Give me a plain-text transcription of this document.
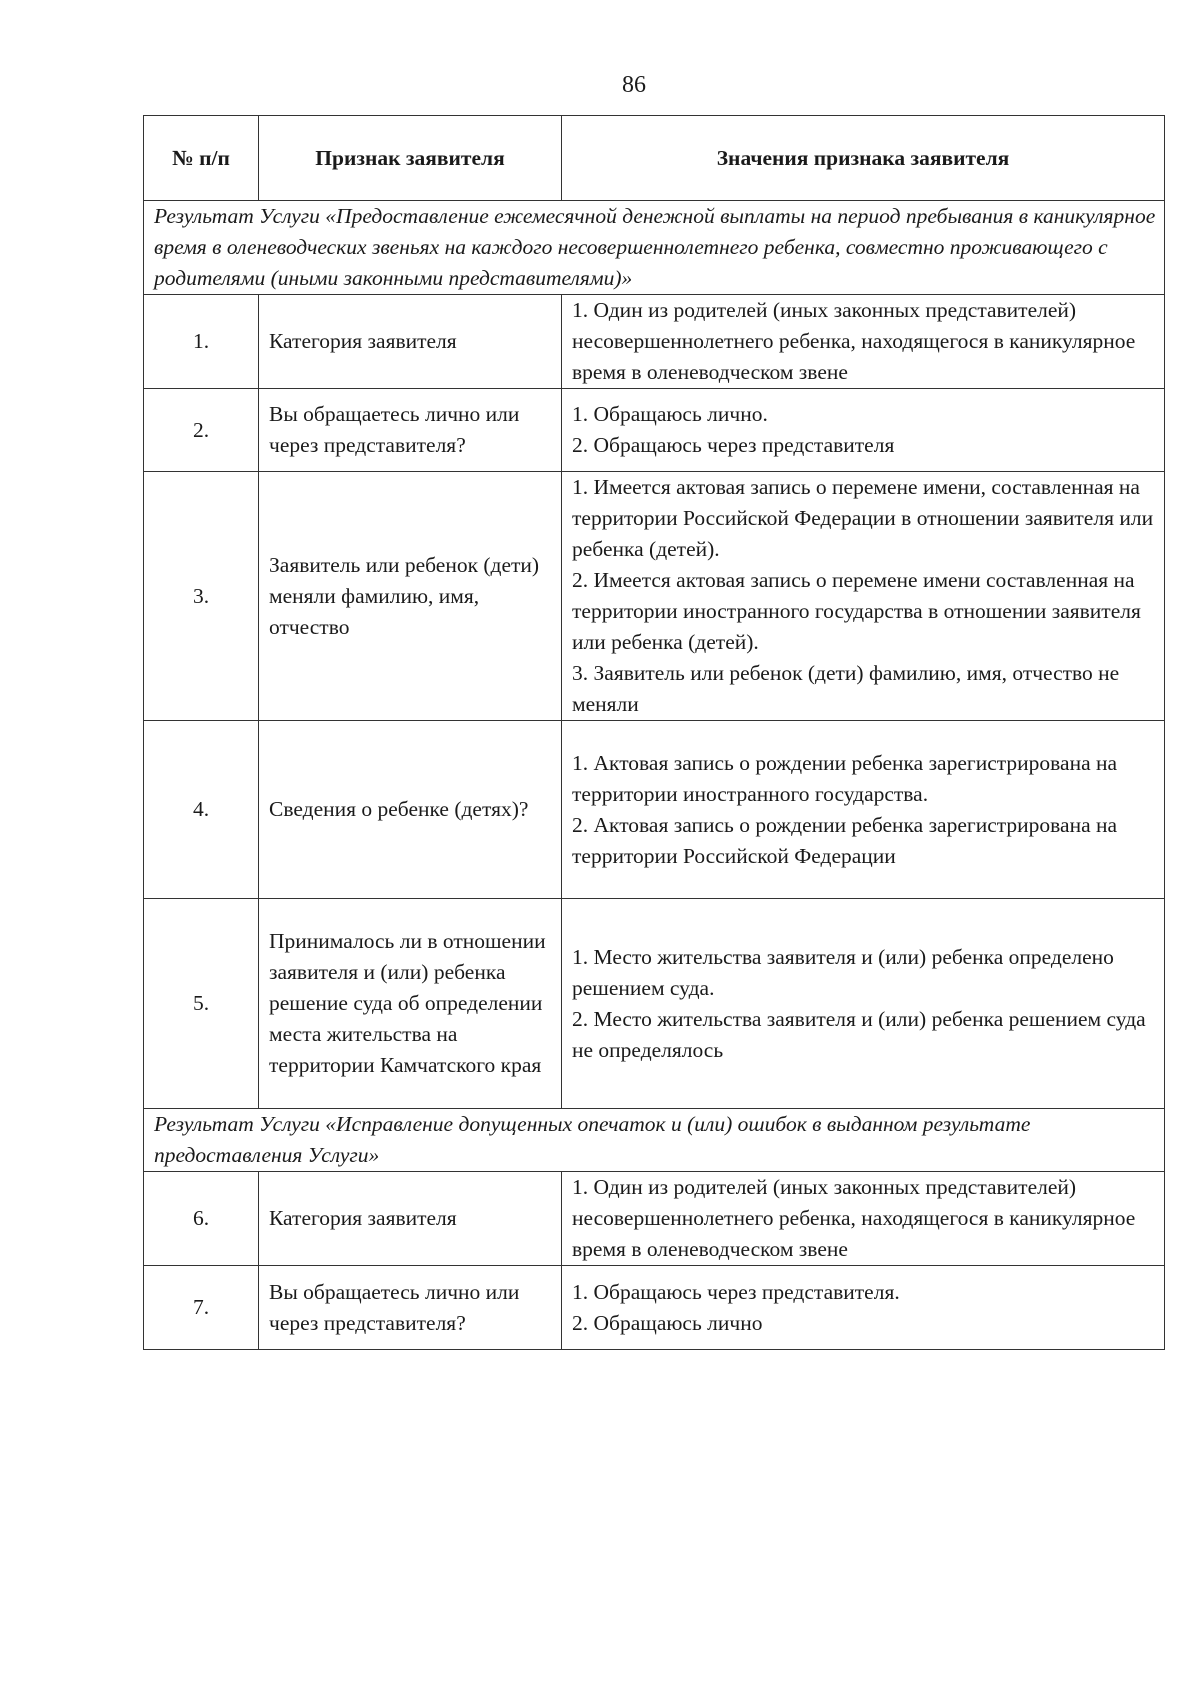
86
№ п/п	Признак заявителя	Значения признака заявителя
Результат Услуги «Предоставление ежемесячной денежной выплаты на период пребывания в каникулярное время в оленеводческих звеньях на каждого несовершеннолетнего ребенка, совместно проживающего с родителями (иными законными представителями)»		
1.	Категория заявителя	1. Один из родителей (иных законных представителей) несовершеннолетнего ребенка, находящегося в каникулярное время в оленеводческом звене

2.	Вы обращаетесь лично или через представителя?	1. Обращаюсь лично.
2. Обращаюсь через представителя

3.	Заявитель или ребенок (дети) меняли фамилию, имя, отчество	1. Имеется актовая запись о перемене имени, составленная на территории Российской Федерации в отношении заявителя или ребенка (детей).
2. Имеется актовая запись о перемене имени составленная на территории иностранного государства в отношении заявителя или ребенка (детей).
3. Заявитель или ребенок (дети) фамилию, имя, отчество не меняли

4.	Сведения о ребенке (детях)?	1. Актовая запись о рождении ребенка зарегистрирована на территории иностранного государства.
2. Актовая запись о рождении ребенка зарегистрирована на территории Российской Федерации

5.	Принималось ли в отношении заявителя и (или) ребенка решение суда об определении места жительства на территории Камчатского края	1. Место жительства заявителя и (или) ребенка определено решением суда.
2. Место жительства заявителя и (или) ребенка решением суда не определялось

Результат Услуги «Исправление допущенных опечаток и (или) ошибок в выданном результате предоставления Услуги»		
6.	Категория заявителя	1. Один из родителей (иных законных представителей) несовершеннолетнего ребенка, находящегося в каникулярное время в оленеводческом звене

7.	Вы обращаетесь лично или через представителя?	1. Обращаюсь через представителя.
2. Обращаюсь лично
